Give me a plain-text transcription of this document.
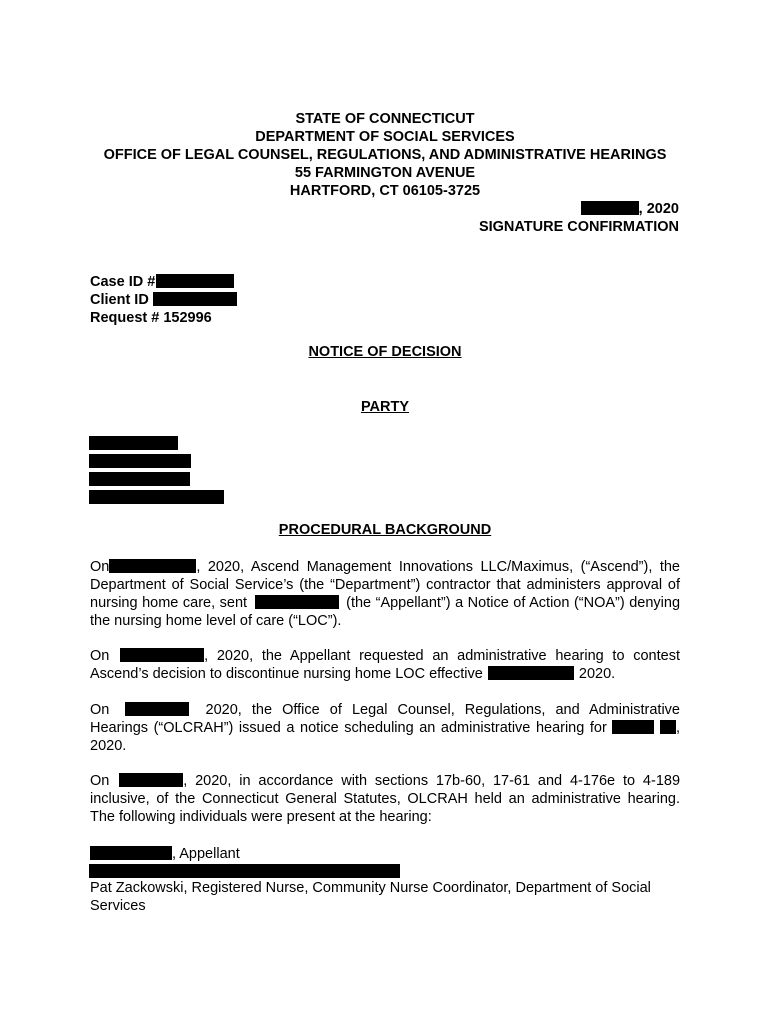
STATE OF CONNECTICUT
DEPARTMENT OF SOCIAL SERVICES
OFFICE OF LEGAL COUNSEL, REGULATIONS, AND ADMINISTRATIVE HEARINGS
55 FARMINGTON AVENUE
HARTFORD, CT 06105-3725
, 2020
SIGNATURE CONFIRMATION
Case ID #
Client ID
Request # 152996
NOTICE OF DECISION
PARTY
PROCEDURAL BACKGROUND
On	, 2020, Ascend Management Innovations LLC/Maximus, (“Ascend”), the Department of Social Service’s (the “Department”) contractor that administers approval of nursing home care, sent	(the “Appellant”) a Notice of Action (“NOA”) denying the nursing home level of care (“LOC”).
On	, 2020, the Appellant requested an administrative hearing to contest Ascend’s decision to discontinue nursing home LOC effective	2020.
On	2020, the Office of Legal Counsel, Regulations, and Administrative Hearings (“OLCRAH”) issued a notice scheduling an administrative hearing for	, 2020.
On	, 2020, in accordance with sections 17b-60, 17-61 and 4-176e to 4-189 inclusive, of the Connecticut General Statutes, OLCRAH held an administrative hearing. The following individuals were present at the hearing:
, Appellant
Pat Zackowski, Registered Nurse, Community Nurse Coordinator, Department of Social Services
